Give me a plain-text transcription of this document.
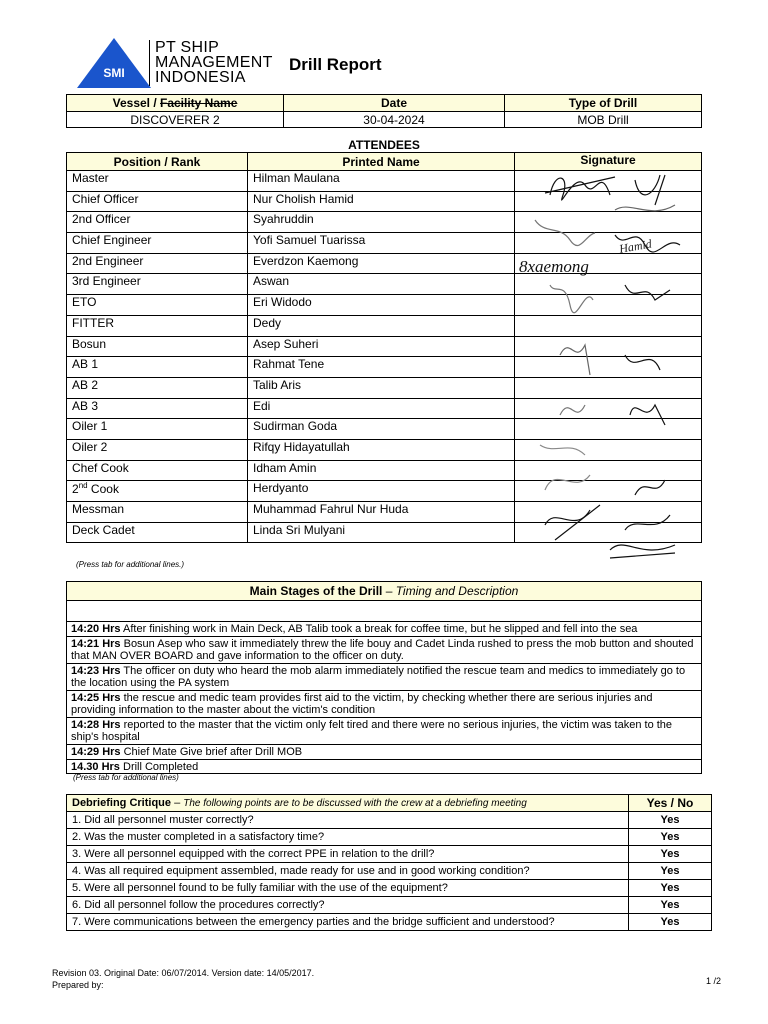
SMI
PT SHIP
MANAGEMENT
INDONESIA
Drill Report
Vessel / Facility Name	Date	Type of Drill
DISCOVERER 2	30-04-2024	MOB Drill
ATTENDEES
Position / Rank	Printed Name	Signature
Master	Hilman Maulana	
Chief Officer	Nur Cholish Hamid	
2nd Officer	Syahruddin	
Chief Engineer	Yofi Samuel Tuarissa	
2nd Engineer	Everdzon Kaemong	
3rd Engineer	Aswan	
ETO	Eri Widodo	
FITTER	Dedy	
Bosun	Asep Suheri	
AB 1	Rahmat Tene	
AB 2	Talib Aris	
AB 3	Edi	
Oiler 1	Sudirman Goda	
Oiler 2	Rifqy Hidayatullah	
Chef Cook	Idham Amin	
2nd Cook	Herdyanto	
Messman	Muhammad Fahrul Nur Huda	
Deck Cadet	Linda Sri Mulyani	
(Press tab for additional lines.)
Hamid
8xaemong
Main Stages of the Drill – Timing and Description
14:20 Hrs After finishing work in Main Deck, AB Talib took a break for coffee time, but he slipped and fell into the sea
14:21 Hrs Bosun Asep who saw it immediately threw the life bouy and Cadet Linda rushed to press the mob button and shouted that MAN OVER BOARD and gave information to the officer on duty.
14:23 Hrs The officer on duty who heard the mob alarm immediately notified the rescue team and medics to immediately go to the location using the PA system
14:25 Hrs the rescue and medic team provides first aid to the victim, by checking whether there are serious injuries and providing information to the master about the victim's condition
14:28 Hrs reported to the master that the victim only felt tired and there were no serious injuries, the victim was taken to the ship's hospital
14:29 Hrs Chief Mate Give brief after Drill MOB
14.30 Hrs Drill Completed
(Press tab for additional lines)
Debriefing Critique – The following points are to be discussed with the crew at a debriefing meeting	Yes / No
1. Did all personnel muster correctly?	Yes
2. Was the muster completed in a satisfactory time?	Yes
3. Were all personnel equipped with the correct PPE in relation to the drill?	Yes
4. Was all required equipment assembled, made ready for use and in good working condition?	Yes
5. Were all personnel found to be fully familiar with the use of the equipment?	Yes
6. Did all personnel follow the procedures correctly?	Yes
7. Were communications between the emergency parties and the bridge sufficient and understood?	Yes
Revision 03. Original Date: 06/07/2014. Version date: 14/05/2017.
Prepared by:	1 /2
